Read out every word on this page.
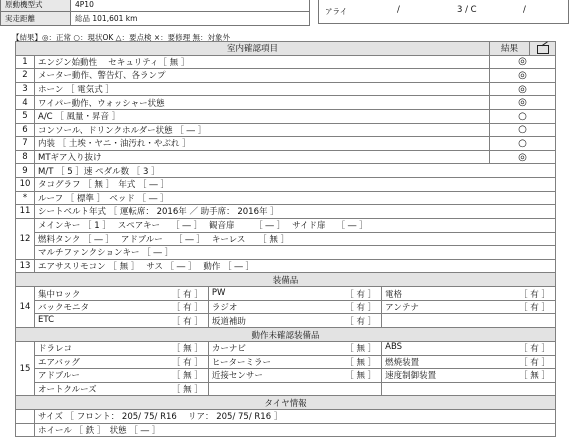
原動機型式	4P10
実走距離	総品 101,601 km
アライ	/	3 / C	/
【結果】◎：正常 ○：現状OK △：要点検 ×：要修理 無：対象外
室内確認項目	結果	
1	エンジン始動性　 セキュリティ［ 無 ］	◎
2	メーター動作、警告灯、各ランプ	◎
3	ホーン ［ 電気式 ］	◎
4	ワイパー動作、ウォッシャー状態	◎
5	A/C ［ 風量・昇音 ］	○
6	コンソール、ドリンクホルダー状態 ［ ― ］	○
7	内装 ［ 土埃・ヤニ・油汚れ・やぶれ ］	○
8	MTギア入り抜け	◎
9	M/T ［ 5 ］速 ペダル数 ［ 3 ］
10	タコグラフ ［ 無 ］　年式 ［ ― ］
*	ルーフ ［ 標準 ］　ベッド ［ ― ］
11	シートベルト年式 ［ 運転席： 2016年 ／ 助手席： 2016年 ］
12	
メインキー ［ 1 ］　 スペアキー　 ［ ― ］　 観音扉　　 ［ ― ］　 サイド扉　 ［ ― ］
燃料タンク ［ ― ］　 アドブルー　 ［ ― ］　 キーレス　　［ 無 ］
マルチファンクションキー ［ ― ］

13	エアサスリモコン ［ 無 ］　 サス ［ ― ］　 動作 ［ ― ］
装備品
14	
集中ロック	［ 有 ］	PW	［ 有 ］	電格	［ 有 ］

バックモニタ	［ 有 ］	ラジオ	［ 有 ］	アンテナ	［ 有 ］

ETC	［ 有 ］	坂道補助	［ 有 ］

動作未確認装備品
15	
ドラレコ	［ 無 ］	カーナビ	［ 無 ］	ABS	［ 有 ］

エアバッグ	［ 有 ］	ヒーターミラー	［ 無 ］	燃焼装置	［ 有 ］

アドブルー	［ 無 ］	近接センサー	［ 無 ］	速度制御装置	［ 無 ］

オートクルーズ	［ 無 ］

タイヤ情報
	サイズ ［ フロント： 205/ 75/ R16　 リア： 205/ 75/ R16 ］
	ホイール ［ 鉄 ］　状態 ［ ― ］
